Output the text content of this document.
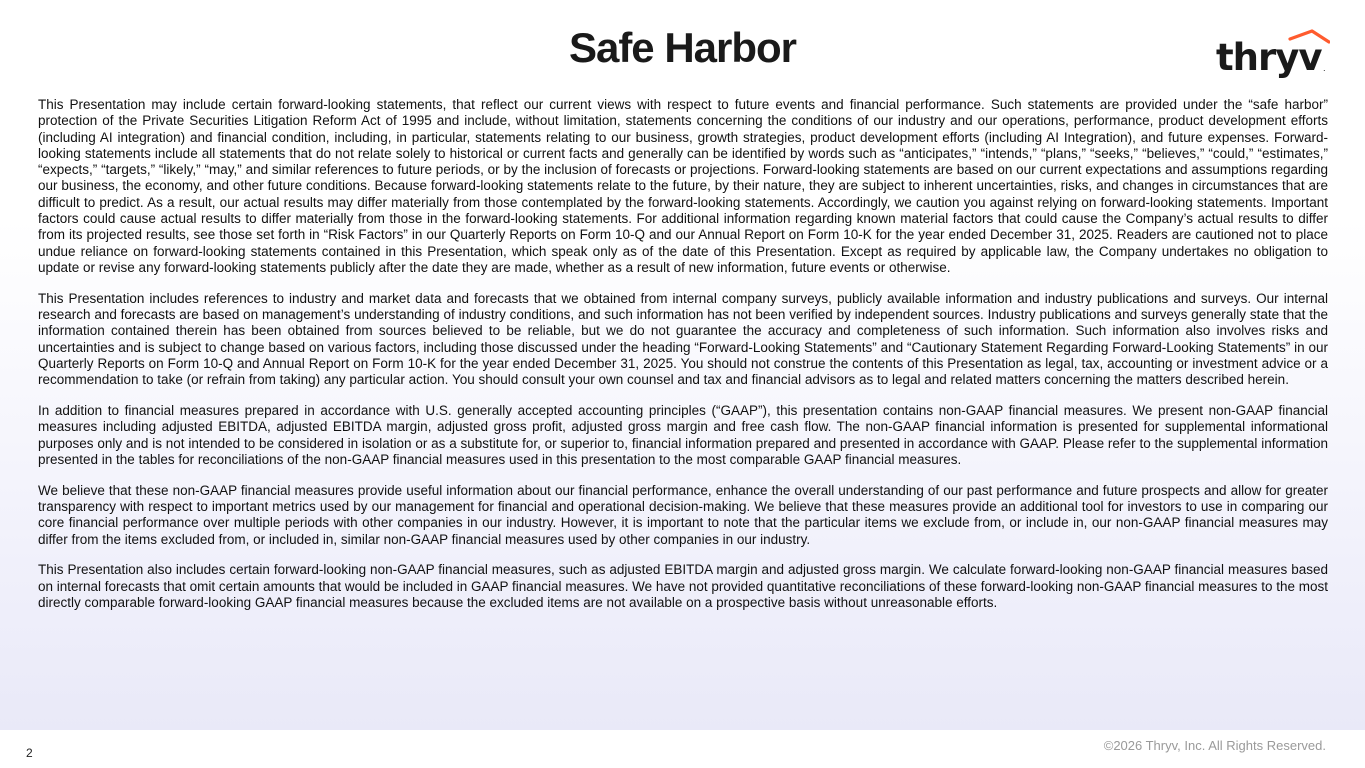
Safe Harbor	thryv .

This Presentation may include certain forward-looking statements, that reflect our current views with respect to future events and financial performance. Such statements are provided under the “safe harbor” protection of the Private Securities Litigation Reform Act of 1995 and include, without limitation, statements concerning the conditions of our industry and our operations, performance, product development efforts (including AI integration) and financial condition, including, in particular, statements relating to our business, growth strategies, product development efforts (including AI Integration), and future expenses. Forward-looking statements include all statements that do not relate solely to historical or current facts and generally can be identified by words such as “anticipates,” “intends,” “plans,” “seeks,” “believes,” “could,” “estimates,” “expects,” “targets,” “likely,” “may,” and similar references to future periods, or by the inclusion of forecasts or projections. Forward-looking statements are based on our current expectations and assumptions regarding our business, the economy, and other future conditions. Because forward-looking statements relate to the future, by their nature, they are subject to inherent uncertainties, risks, and changes in circumstances that are difficult to predict. As a result, our actual results may differ materially from those contemplated by the forward-looking statements. Accordingly, we caution you against relying on forward-looking statements. Important factors could cause actual results to differ materially from those in the forward-looking statements. For additional information regarding known material factors that could cause the Company’s actual results to differ from its projected results, see those set forth in “Risk Factors” in our Quarterly Reports on Form 10-Q and our Annual Report on Form 10-K for the year ended December 31, 2025. Readers are cautioned not to place undue reliance on forward-looking statements contained in this Presentation, which speak only as of the date of this Presentation. Except as required by applicable law, the Company undertakes no obligation to update or revise any forward-looking statements publicly after the date they are made, whether as a result of new information, future events or otherwise.

This Presentation includes references to industry and market data and forecasts that we obtained from internal company surveys, publicly available information and industry publications and surveys. Our internal research and forecasts are based on management’s understanding of industry conditions, and such information has not been verified by independent sources. Industry publications and surveys generally state that the information contained therein has been obtained from sources believed to be reliable, but we do not guarantee the accuracy and completeness of such information. Such information also involves risks and uncertainties and is subject to change based on various factors, including those discussed under the heading “Forward-Looking Statements” and “Cautionary Statement Regarding Forward-Looking Statements” in our Quarterly Reports on Form 10-Q and Annual Report on Form 10-K for the year ended December 31, 2025. You should not construe the contents of this Presentation as legal, tax, accounting or investment advice or a recommendation to take (or refrain from taking) any particular action. You should consult your own counsel and tax and financial advisors as to legal and related matters concerning the matters described herein.

In addition to financial measures prepared in accordance with U.S. generally accepted accounting principles (“GAAP”), this presentation contains non-GAAP financial measures. We present non-GAAP financial measures including adjusted EBITDA, adjusted EBITDA margin, adjusted gross profit, adjusted gross margin and free cash flow. The non-GAAP financial information is presented for supplemental informational purposes only and is not intended to be considered in isolation or as a substitute for, or superior to, financial information prepared and presented in accordance with GAAP. Please refer to the supplemental information presented in the tables for reconciliations of the non-GAAP financial measures used in this presentation to the most comparable GAAP financial measures.

We believe that these non-GAAP financial measures provide useful information about our financial performance, enhance the overall understanding of our past performance and future prospects and allow for greater transparency with respect to important metrics used by our management for financial and operational decision-making. We believe that these measures provide an additional tool for investors to use in comparing our core financial performance over multiple periods with other companies in our industry. However, it is important to note that the particular items we exclude from, or include in, our non-GAAP financial measures may differ from the items excluded from, or included in, similar non-GAAP financial measures used by other companies in our industry.

This Presentation also includes certain forward-looking non-GAAP financial measures, such as adjusted EBITDA margin and adjusted gross margin. We calculate forward-looking non-GAAP financial measures based on internal forecasts that omit certain amounts that would be included in GAAP financial measures. We have not provided quantitative reconciliations of these forward-looking non-GAAP financial measures to the most directly comparable forward-looking GAAP financial measures because the excluded items are not available on a prospective basis without unreasonable efforts.

2	©2026 Thryv, Inc. All Rights Reserved.
